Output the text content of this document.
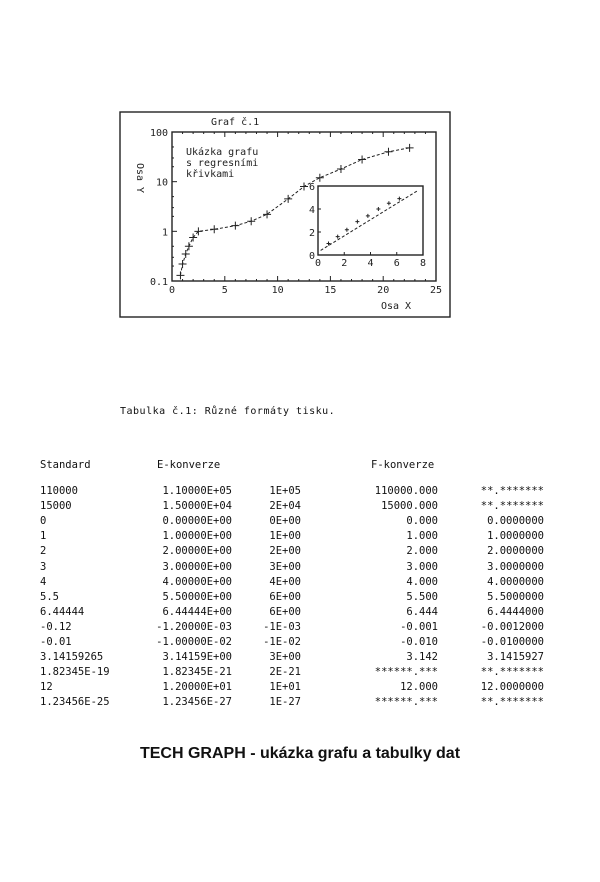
Graf č.1
Ukázka grafu
s regresními
křivkami
Osa X
Osa Y
0	5	10	15	20	25
0.1
1
10
100
0 2 4 6 8
0
2
4
6
Tabulka č.1: Různé formáty tisku.
Standard	E-konverze	F-konverze
110000	1.10000E+05	1E+05	110000.000	**.*******
15000	1.50000E+04	2E+04	15000.000	**.*******
0	0.00000E+00	0E+00	0.000	0.0000000
1	1.00000E+00	1E+00	1.000	1.0000000
2	2.00000E+00	2E+00	2.000	2.0000000
3	3.00000E+00	3E+00	3.000	3.0000000
4	4.00000E+00	4E+00	4.000	4.0000000
5.5	5.50000E+00	6E+00	5.500	5.5000000
6.44444	6.44444E+00	6E+00	6.444	6.4444000
-0.12	-1.20000E-03	-1E-03	-0.001	-0.0012000
-0.01	-1.00000E-02	-1E-02	-0.010	-0.0100000
3.14159265	3.14159E+00	3E+00	3.142	3.1415927
1.82345E-19	1.82345E-21	2E-21	******.***	**.*******
12	1.20000E+01	1E+01	12.000	12.0000000
1.23456E-25	1.23456E-27	1E-27	******.***	**.*******
TECH GRAPH - ukázka grafu a tabulky dat
